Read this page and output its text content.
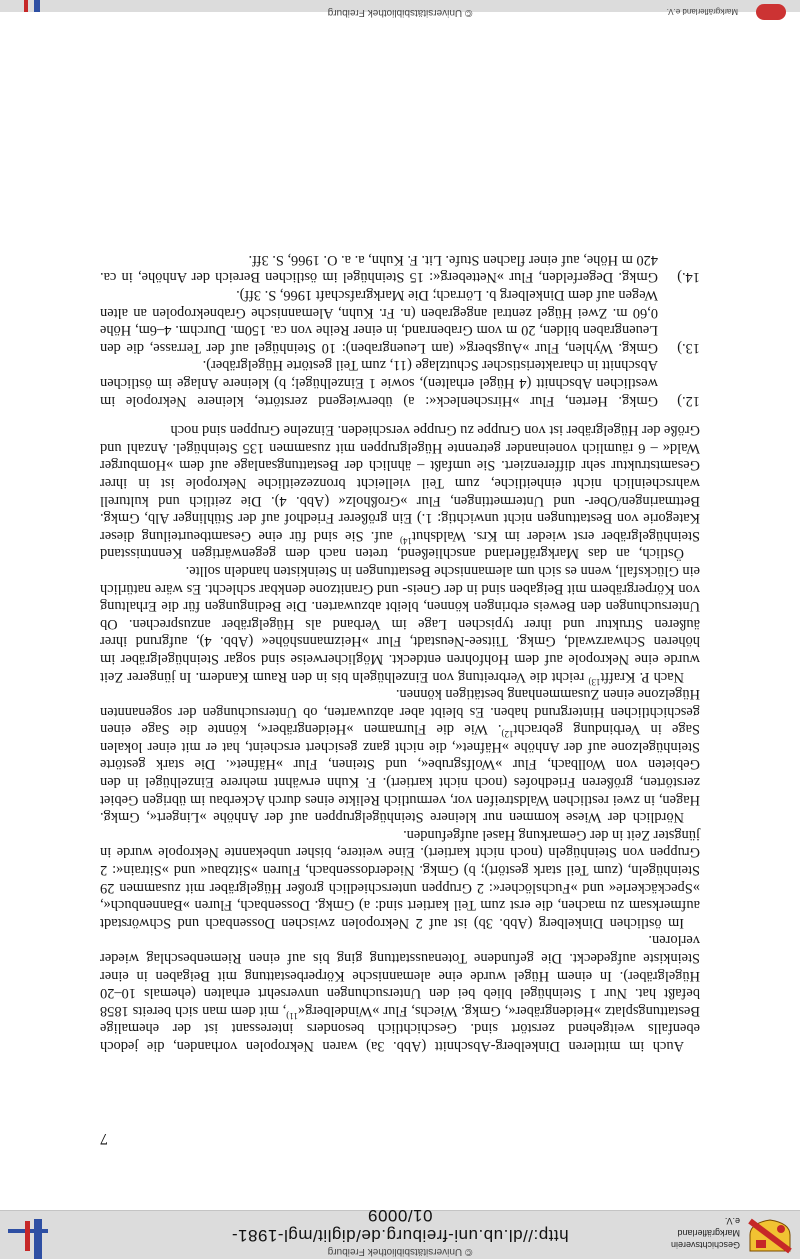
Geschichtsverein
Markgräflerland e.V.
© Universitätsbibliothek Freiburg
http://dl.ub.uni-freiburg.de/diglit/mgl-1981-01/0009
7

Auch im mittleren Dinkelberg-Abschnitt (Abb. 3a) waren Nekropolen vorhanden, die jedoch ebenfalls weitgehend zerstört sind. Geschichtlich besonders interessant ist der ehemalige Bestattungsplatz »Heidengräber«, Gmkg. Wiechs, Flur »Windelberg«$^{11)}$, mit dem man sich bereits 1858 befaßt hat. Nur 1 Steinhügel blieb bei den Untersuchungen unversehrt erhalten (ehemals 10–20 Hügelgräber). In einem Hügel wurde eine alemannische Körperbestattung mit Beigaben in einer Steinkiste aufgedeckt. Die gefundene Totenausstattung ging bis auf einen Riemenbeschlag wieder verloren.

Im östlichen Dinkelberg (Abb. 3b) ist auf 2 Nekropolen zwischen Dossenbach und Schwörstadt aufmerksam zu machen, die erst zum Teil kartiert sind: a) Gmkg. Dossenbach, Fluren »Bannenbuch«, »Speckäckerle« und »Fuchslöcher«: 2 Gruppen unterschiedlich großer Hügelgräber mit zusammen 29 Steinhügeln, (zum Teil stark gestört); b) Gmkg. Niederdossenbach, Fluren »Sitzbau« und »Sitrain«: 2 Gruppen von Steinhügeln (noch nicht kartiert). Eine weitere, bisher unbekannte Nekropole wurde in jüngster Zeit in der Gemarkung Hasel aufgefunden.

Nördlich der Wiese kommen nur kleinere Steinhügelgruppen auf der Anhöhe »Lingert«, Gmkg. Hagen, in zwei restlichen Waldstreifen vor, vermutlich Relikte eines durch Ackerbau im übrigen Gebiet zerstörten, größeren Friedhofes (noch nicht kartiert). F. Kuhn erwähnt mehrere Einzelhügel in den Gebieten von Wollbach, Flur »Wolfsgrube«, und Steinen, Flur »Häfnet«. Die stark gestörte Steinhügelzone auf der Anhöhe »Häfnet«, die nicht ganz gesichert erscheint, hat er mit einer lokalen Sage in Verbindung gebracht$^{12)}$. Wie die Flurnamen »Heidengräber«, könnte die Sage einen geschichtlichen Hintergrund haben. Es bleibt aber abzuwarten, ob Untersuchungen der sogenannten Hügelzone einen Zusammenhang bestätigen können.

Nach P. Krafft$^{13)}$ reicht die Verbreitung von Einzelhügeln bis in den Raum Kandern. In jüngerer Zeit wurde eine Nekropole auf dem Hohfohren entdeckt. Möglicherweise sind sogar Steinhügelgräber im höheren Schwarzwald, Gmkg. Tiitsee-Neustadt, Flur »Heizmannshöhe« (Abb. 4), aufgrund ihrer äußeren Struktur und ihrer typischen Lage im Verband als Hügelgräber anzusprechen. Ob Untersuchungen den Beweis erbringen können, bleibt abzuwarten. Die Bedingungen für die Erhaltung von Körpergräbern mit Beigaben sind in der Gneis- und Granitzone denkbar schlecht. Es wäre natürlich ein Glücksfall, wenn es sich um alemannische Bestattungen in Steinkisten handeln sollte.

Östlich, an das Markgräflerland anschließend, treten nach dem gegenwärtigen Kenntnisstand Steinhügelgräber erst wieder im Krs. Waldshut$^{14)}$ auf. Sie sind für eine Gesamtbeurteilung dieser Kategorie von Bestattungen nicht unwichtig: 1.) Ein größerer Friedhof auf der Stühlinger Alb, Gmkg. Bettmaringen/Ober- und Untermettingen, Flur »Großholz« (Abb. 4). Die zeitlich und kulturell wahrscheinlich nicht einheitliche, zum Teil vielleicht bronzezeitliche Nekropole ist in ihrer Gesamtstruktur sehr differenziert. Sie umfaßt – ähnlich der Bestattungsanlage auf dem »Homburger Wald« – 6 räumlich voneinander getrennte Hügelgruppen mit zusammen 135 Steinhügel. Anzahl und Größe der Hügelgräber ist von Gruppe zu Gruppe verschieden. Einzelne Gruppen sind noch

12.)
Gmkg. Herten, Flur »Hirschenleck«: a) überwiegend zerstörte, kleinere Nekropole im westlichen Abschnitt (4 Hügel erhalten), sowie 1 Einzelhügel; b) kleinere Anlage im östlichen Abschnitt in charakteristischer Schutzlage (11, zum Teil gestörte Hügelgräber).
13.)
Gmkg. Wyhlen, Flur »Augsberg« (am Leuengraben): 10 Steinhügel auf der Terrasse, die den Leuengraben bilden, 20 m vom Grabenrand, in einer Reihe von ca. 150m. Durchm. 4–6m, Höhe 0,60 m. Zwei Hügel zentral angegraben (n. Fr. Kuhn, Alemannische Grabnekropolen an alten Wegen auf dem Dinkelberg b. Lörrach; Die Markgrafschaft 1966, S. 3ff).
14.)
Gmkg. Degerfelden, Flur »Netteberg«: 15 Steinhügel im östlichen Bereich der Anhöhe, in ca. 420 m Höhe, auf einer flachen Stufe. Lit. F. Kuhn, a. a. O. 1966, S. 3ff.
Markgräflerland e.V.
© Universitätsbibliothek Freiburg
